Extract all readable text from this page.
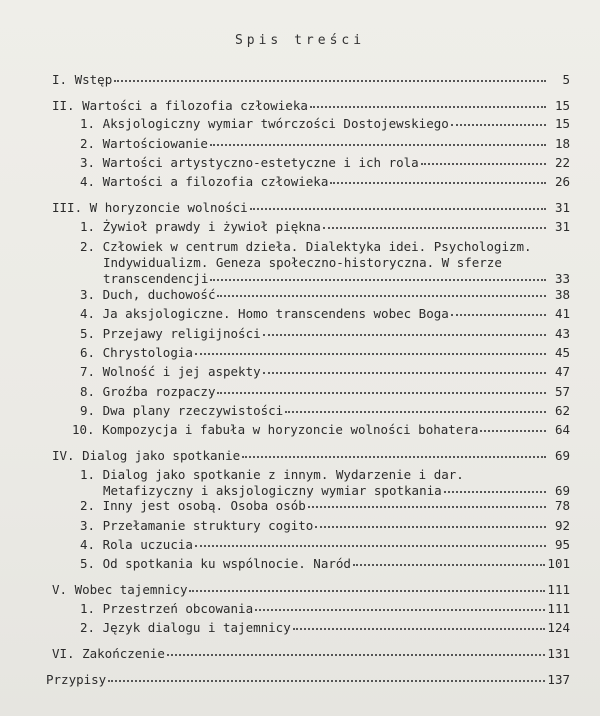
Spis treści
I. Wstęp	5
II. Wartości a filozofia człowieka	15
1. Aksjologiczny wymiar twórczości Dostojewskiego	15
2. Wartościowanie	18
3. Wartości artystyczno-estetyczne i ich rola	22
4. Wartości a filozofia człowieka	26
III. W horyzoncie wolności	31
1. Żywioł prawdy i żywioł piękna	31
2. Człowiek w centrum dzieła. Dialektyka idei. Psychologizm.
Indywidualizm. Geneza społeczno-historyczna. W sferze
transcendencji	33
3. Duch, duchowość	38
4. Ja aksjologiczne. Homo transcendens wobec Boga	41
5. Przejawy religijności	43
6. Chrystologia	45
7. Wolność i jej aspekty	47
8. Groźba rozpaczy	57
9. Dwa plany rzeczywistości	62
10. Kompozycja i fabuła w horyzoncie wolności bohatera	64
IV. Dialog jako spotkanie	69
1. Dialog jako spotkanie z innym. Wydarzenie i dar.
Metafizyczny i aksjologiczny wymiar spotkania	69
2. Inny jest osobą. Osoba osób	78
3. Przełamanie struktury cogito	92
4. Rola uczucia	95
5. Od spotkania ku wspólnocie. Naród	101
V. Wobec tajemnicy	111
1. Przestrzeń obcowania	111
2. Język dialogu i tajemnicy	124
VI. Zakończenie	131
Przypisy	137
